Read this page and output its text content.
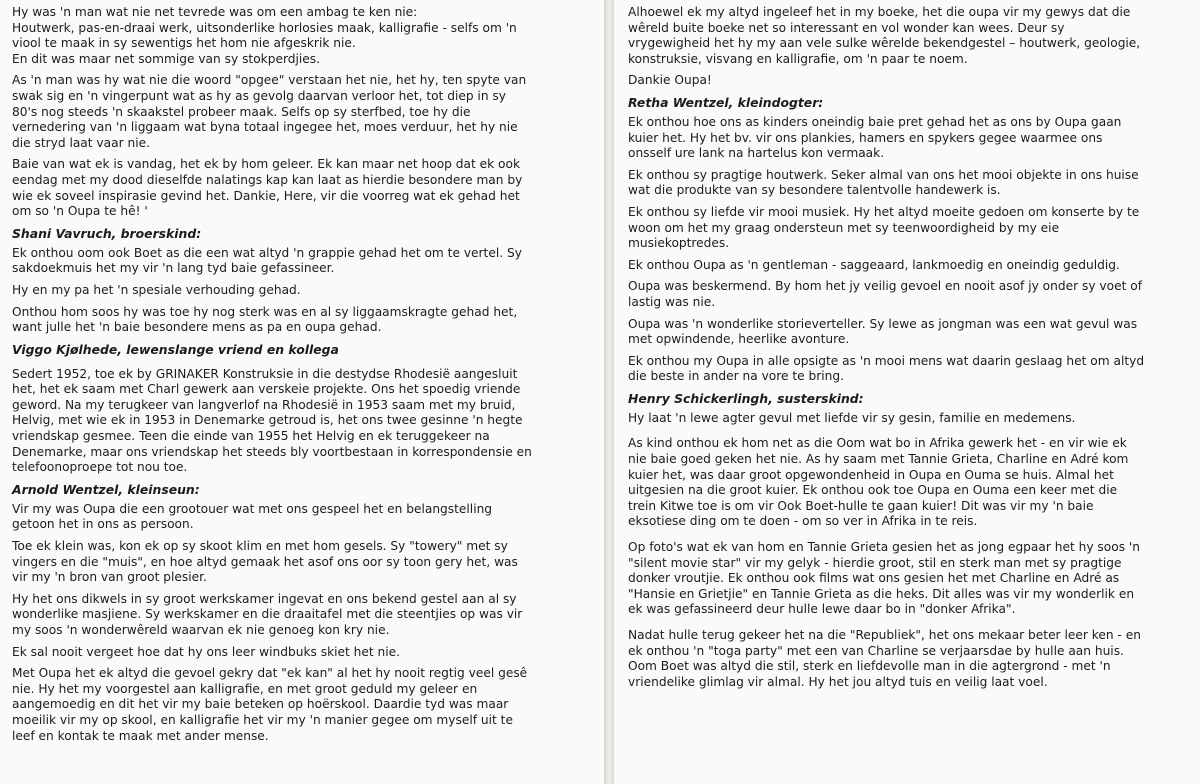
Hy was 'n man wat nie net tevrede was om een ambag te ken nie:
Houtwerk, pas-en-draai werk, uitsonderlike horlosies maak, kalligrafie - selfs om 'n
viool te maak in sy sewentigs het hom nie afgeskrik nie.
En dit was maar net sommige van sy stokperdjies.

As 'n man was hy wat nie die woord "opgee" verstaan het nie, het hy, ten spyte van
swak sig en 'n vingerpunt wat as hy as gevolg daarvan verloor het, tot diep in sy
80's nog steeds 'n skaakstel probeer maak. Selfs op sy sterfbed, toe hy die
vernedering van 'n liggaam wat byna totaal ingegee het, moes verduur, het hy nie
die stryd laat vaar nie.

Baie van wat ek is vandag, het ek by hom geleer. Ek kan maar net hoop dat ek ook
eendag met my dood dieselfde nalatings kap kan laat as hierdie besondere man by
wie ek soveel inspirasie gevind het. Dankie, Here, vir die voorreg wat ek gehad het
om so 'n Oupa te hê! '

Shani Vavruch, broerskind:

Ek onthou oom ook Boet as die een wat altyd 'n grappie gehad het om te vertel. Sy
sakdoekmuis het my vir 'n lang tyd baie gefassineer.

Hy en my pa het 'n spesiale verhouding gehad.

Onthou hom soos hy was toe hy nog sterk was en al sy liggaamskragte gehad het,
want julle het 'n baie besondere mens as pa en oupa gehad.

Viggo Kjølhede, lewenslange vriend en kollega

Sedert 1952, toe ek by GRINAKER Konstruksie in die destydse Rhodesië aangesluit
het, het ek saam met Charl gewerk aan verskeie projekte. Ons het spoedig vriende
geword. Na my terugkeer van langverlof na Rhodesië in 1953 saam met my bruid,
Helvig, met wie ek in 1953 in Denemarke getroud is, het ons twee gesinne 'n hegte
vriendskap gesmee. Teen die einde van 1955 het Helvig en ek teruggekeer na
Denemarke, maar ons vriendskap het steeds bly voortbestaan in korrespondensie en
telefoonoproepe tot nou toe.

Arnold Wentzel, kleinseun:

Vir my was Oupa die een grootouer wat met ons gespeel het en belangstelling
getoon het in ons as persoon.

Toe ek klein was, kon ek op sy skoot klim en met hom gesels. Sy "towery" met sy
vingers en die "muis", en hoe altyd gemaak het asof ons oor sy toon gery het, was
vir my 'n bron van groot plesier.

Hy het ons dikwels in sy groot werkskamer ingevat en ons bekend gestel aan al sy
wonderlike masjiene. Sy werkskamer en die draaitafel met die steentjies op was vir
my soos 'n wonderwêreld waarvan ek nie genoeg kon kry nie.

Ek sal nooit vergeet hoe dat hy ons leer windbuks skiet het nie.

Met Oupa het ek altyd die gevoel gekry dat "ek kan" al het hy nooit regtig veel gesê
nie. Hy het my voorgestel aan kalligrafie, en met groot geduld my geleer en
aangemoedig en dit het vir my baie beteken op hoërskool. Daardie tyd was maar
moeilik vir my op skool, en kalligrafie het vir my 'n manier gegee om myself uit te
leef en kontak te maak met ander mense.

Alhoewel ek my altyd ingeleef het in my boeke, het die oupa vir my gewys dat die
wêreld buite boeke net so interessant en vol wonder kan wees. Deur sy
vrygewigheid het hy my aan vele sulke wêrelde bekendgestel – houtwerk, geologie,
konstruksie, visvang en kalligrafie, om 'n paar te noem.

Dankie Oupa!

Retha Wentzel, kleindogter:

Ek onthou hoe ons as kinders oneindig baie pret gehad het as ons by Oupa gaan
kuier het. Hy het bv. vir ons plankies, hamers en spykers gegee waarmee ons
onsself ure lank na hartelus kon vermaak.

Ek onthou sy pragtige houtwerk. Seker almal van ons het mooi objekte in ons huise
wat die produkte van sy besondere talentvolle handewerk is.

Ek onthou sy liefde vir mooi musiek. Hy het altyd moeite gedoen om konserte by te
woon om het my graag ondersteun met sy teenwoordigheid by my eie
musiekoptredes.

Ek onthou Oupa as 'n gentleman - saggeaard, lankmoedig en oneindig geduldig.

Oupa was beskermend. By hom het jy veilig gevoel en nooit asof jy onder sy voet of
lastig was nie.

Oupa was 'n wonderlike storieverteller. Sy lewe as jongman was een wat gevul was
met opwindende, heerlike avonture.

Ek onthou my Oupa in alle opsigte as 'n mooi mens wat daarin geslaag het om altyd
die beste in ander na vore te bring.

Henry Schickerlingh, susterskind:

Hy laat 'n lewe agter gevul met liefde vir sy gesin, familie en medemens.

As kind onthou ek hom net as die Oom wat bo in Afrika gewerk het - en vir wie ek
nie baie goed geken het nie. As hy saam met Tannie Grieta, Charline en Adré kom
kuier het, was daar groot opgewondenheid in Oupa en Ouma se huis. Almal het
uitgesien na die groot kuier. Ek onthou ook toe Oupa en Ouma een keer met die
trein Kitwe toe is om vir Ook Boet-hulle te gaan kuier! Dit was vir my 'n baie
eksotiese ding om te doen - om so ver in Afrika in te reis.

Op foto's wat ek van hom en Tannie Grieta gesien het as jong egpaar het hy soos 'n
"silent movie star" vir my gelyk - hierdie groot, stil en sterk man met sy pragtige
donker vroutjie. Ek onthou ook films wat ons gesien het met Charline en Adré as
"Hansie en Grietjie" en Tannie Grieta as die heks. Dit alles was vir my wonderlik en
ek was gefassineerd deur hulle lewe daar bo in "donker Afrika".

Nadat hulle terug gekeer het na die "Republiek", het ons mekaar beter leer ken - en
ek onthou 'n "toga party" met een van Charline se verjaarsdae by hulle aan huis.
Oom Boet was altyd die stil, sterk en liefdevolle man in die agtergrond - met 'n
vriendelike glimlag vir almal. Hy het jou altyd tuis en veilig laat voel.
